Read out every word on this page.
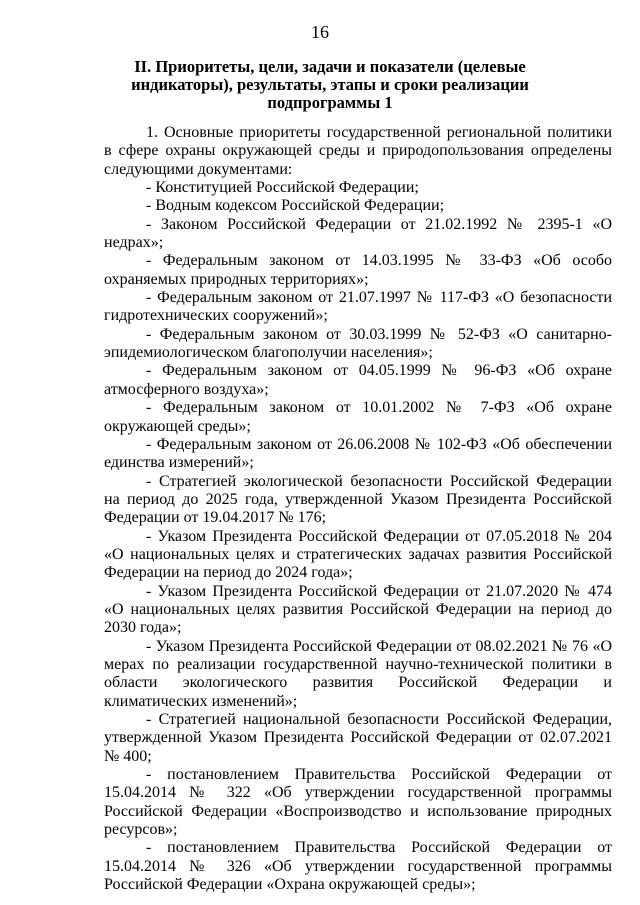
16
II. Приоритеты, цели, задачи и показатели (целевые
индикаторы), результаты, этапы и сроки реализации
подпрограммы 1

1. Основные приоритеты государственной региональной политики в сфере охраны окружающей среды и природопользования определены следующими документами:

- Конституцией Российской Федерации;

- Водным кодексом Российской Федерации;

- Законом Российской Федерации от 21.02.1992 № 2395-1 «О недрах»;

- Федеральным законом от 14.03.1995 № 33-ФЗ «Об особо охраняемых природных территориях»;

- Федеральным законом от 21.07.1997 № 117-ФЗ «О безопасности гидротехнических сооружений»;

- Федеральным законом от 30.03.1999 № 52-ФЗ «О санитарно-эпидемиологическом благополучии населения»;

- Федеральным законом от 04.05.1999 № 96-ФЗ «Об охране атмосферного воздуха»;

- Федеральным законом от 10.01.2002 № 7-ФЗ «Об охране окружающей среды»;

- Федеральным законом от 26.06.2008 № 102-ФЗ «Об обеспечении единства измерений»;

- Стратегией экологической безопасности Российской Федерации на период до 2025 года, утвержденной Указом Президента Российской Федерации от 19.04.2017 № 176;

- Указом Президента Российской Федерации от 07.05.2018 № 204 «О национальных целях и стратегических задачах развития Российской Федерации на период до 2024 года»;

- Указом Президента Российской Федерации от 21.07.2020 № 474 «О национальных целях развития Российской Федерации на период до 2030 года»;

- Указом Президента Российской Федерации от 08.02.2021 № 76 «О мерах по реализации государственной научно-технической политики в области экологического развития Российской Федерации и климатических изменений»;

- Стратегией национальной безопасности Российской Федерации, утвержденной Указом Президента Российской Федерации от 02.07.2021 № 400;

- постановлением Правительства Российской Федерации от 15.04.2014 № 322 «Об утверждении государственной программы Российской Федерации «Воспроизводство и использование природных ресурсов»;

- постановлением Правительства Российской Федерации от 15.04.2014 № 326 «Об утверждении государственной программы Российской Федерации «Охрана окружающей среды»;
